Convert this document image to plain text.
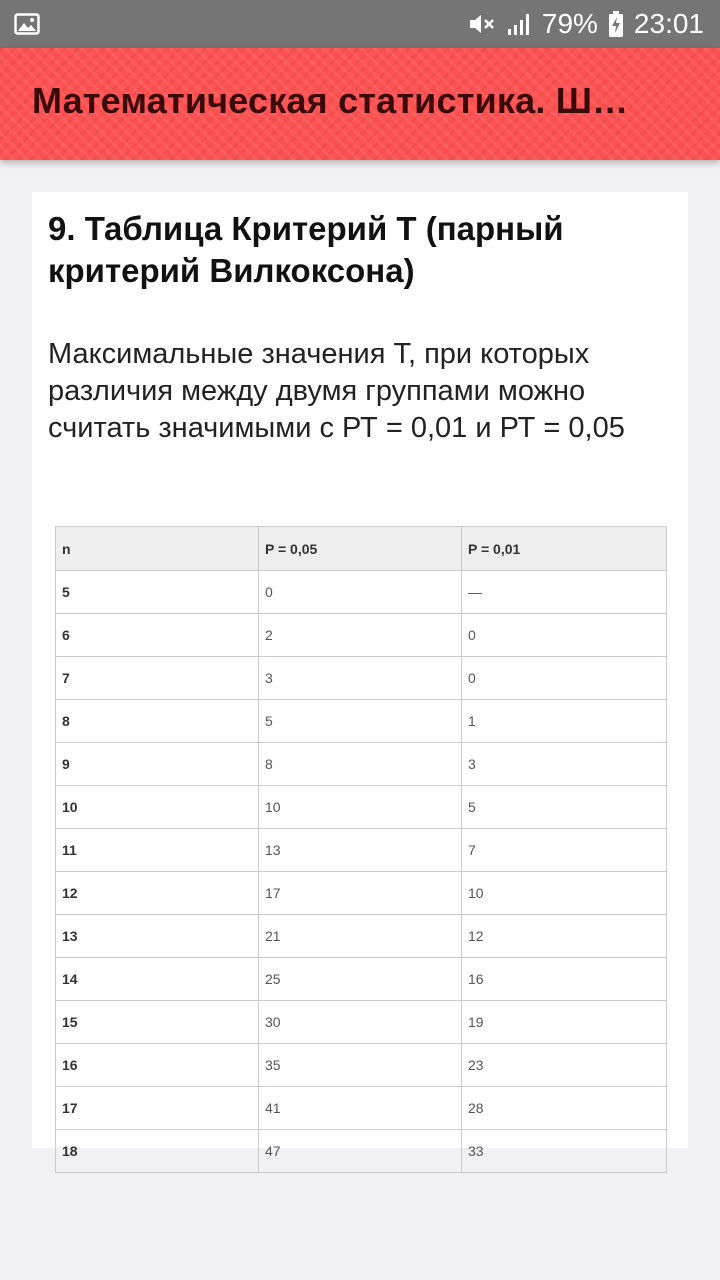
79% 23:01
Математическая статистика. Ш…
9. Таблица Критерий Т (парный критерий Вилкоксона)

Максимальные значения Т, при которых различия между двумя группами можно считать значимыми с РТ = 0,01 и РТ = 0,05

n	P = 0,05	P = 0,01
5	0	—
6	2	0
7	3	0
8	5	1
9	8	3
10	10	5
11	13	7
12	17	10
13	21	12
14	25	16
15	30	19
16	35	23
17	41	28
18	47	33
